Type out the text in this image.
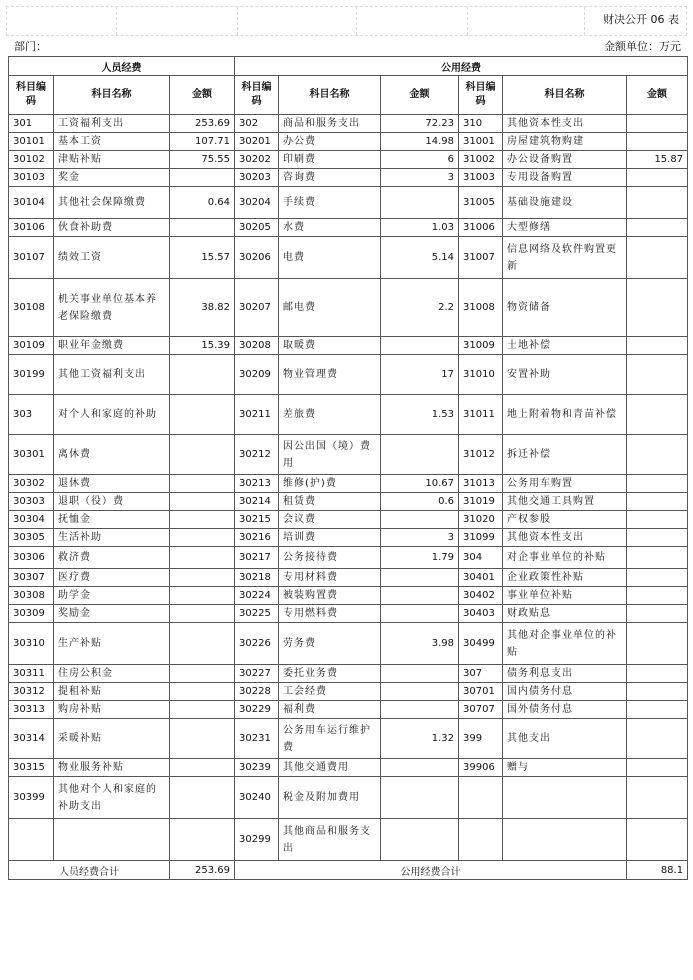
财决公开 06 表
部门：	金额单位：万元
人员经费			公用经费					
科目编码	科目名称	金额	科目编码	科目名称	金额	科目编码	科目名称	金额
301	工资福利支出	253.69	302	商品和服务支出	72.23	310	其他资本性支出	
30101	基本工资	107.71	30201	办公费	14.98	31001	房屋建筑物购建	
30102	津贴补贴	75.55	30202	印刷费	6	31002	办公设备购置	15.87
30103	奖金		30203	咨询费	3	31003	专用设备购置	
30104	其他社会保障缴费	0.64	30204	手续费		31005	基础设施建设	
30106	伙食补助费		30205	水费	1.03	31006	大型修缮	
30107	绩效工资	15.57	30206	电费	5.14	31007	信息网络及软件购置更新	
30108	机关事业单位基本养老保险缴费	38.82	30207	邮电费	2.2	31008	物资储备	
30109	职业年金缴费	15.39	30208	取暖费		31009	土地补偿	
30199	其他工资福利支出		30209	物业管理费	17	31010	安置补助	
303	对个人和家庭的补助		30211	差旅费	1.53	31011	地上附着物和青苗补偿	
30301	离休费		30212	因公出国（境）费用		31012	拆迁补偿	
30302	退休费		30213	维修(护)费	10.67	31013	公务用车购置	
30303	退职（役）费		30214	租赁费	0.6	31019	其他交通工具购置	
30304	抚恤金		30215	会议费		31020	产权参股	
30305	生活补助		30216	培训费	3	31099	其他资本性支出	
30306	救济费		30217	公务接待费	1.79	304	对企事业单位的补贴	
30307	医疗费		30218	专用材料费		30401	企业政策性补贴	
30308	助学金		30224	被装购置费		30402	事业单位补贴	
30309	奖励金		30225	专用燃料费		30403	财政贴息	
30310	生产补贴		30226	劳务费	3.98	30499	其他对企事业单位的补贴	
30311	住房公积金		30227	委托业务费		307	债务利息支出	
30312	提租补贴		30228	工会经费		30701	国内债务付息	
30313	购房补贴		30229	福利费		30707	国外债务付息	
30314	采暖补贴		30231	公务用车运行维护费	1.32	399	其他支出	
30315	物业服务补贴		30239	其他交通费用		39906	赠与	
30399	其他对个人和家庭的补助支出		30240	税金及附加费用				
			30299	其他商品和服务支出				
人员经费合计		253.69	公用经费合计					88.1
